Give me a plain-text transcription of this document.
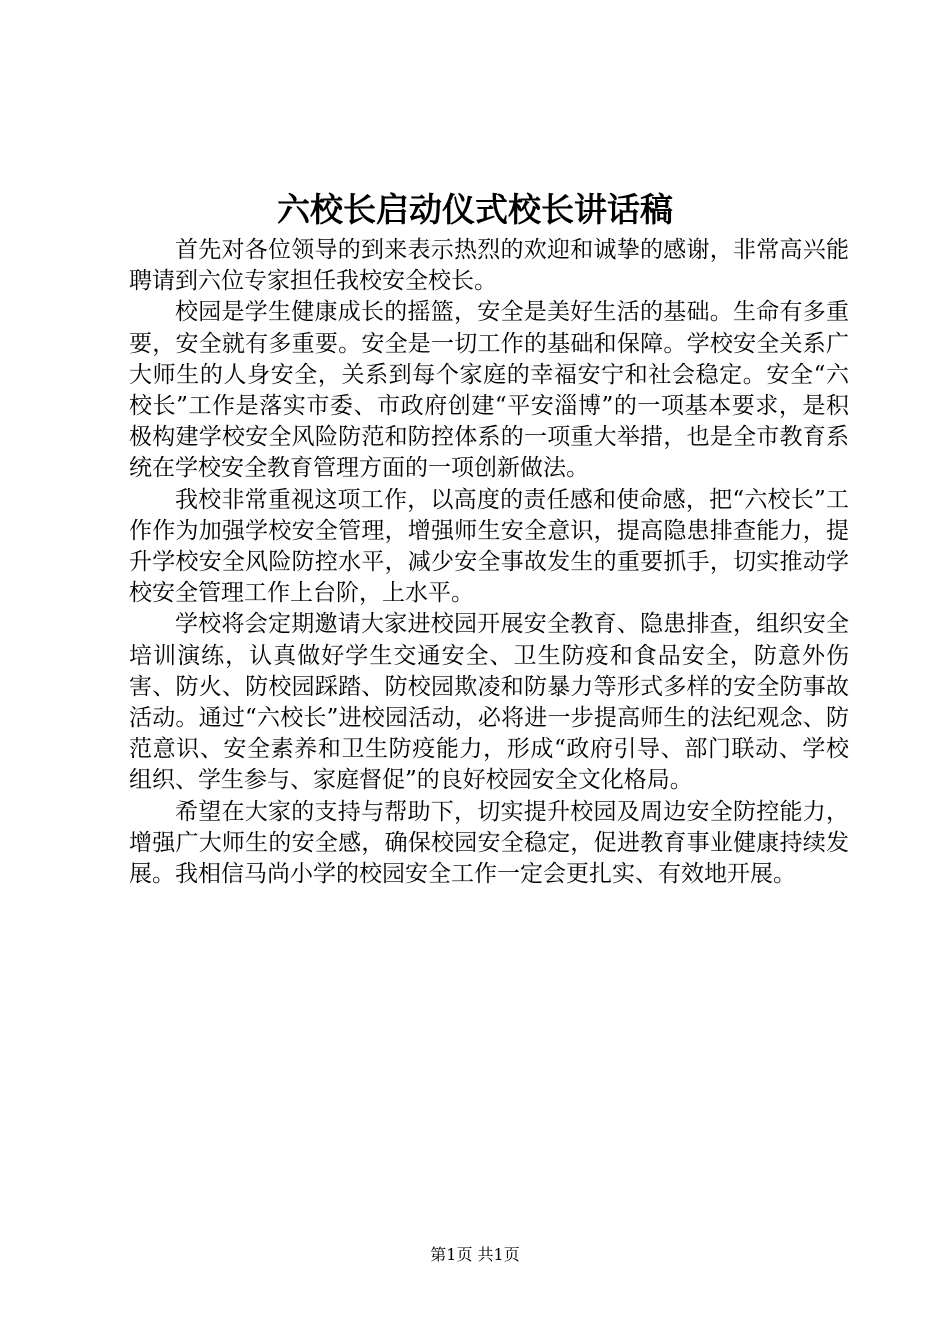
六校长启动仪式校长讲话稿

首先对各位领导的到来表示热烈的欢迎和诚挚的感谢，非常高兴能聘请到六位专家担任我校安全校长。

校园是学生健康成长的摇篮，安全是美好生活的基础。生命有多重要，安全就有多重要。安全是一切工作的基础和保障。学校安全关系广大师生的人身安全，关系到每个家庭的幸福安宁和社会稳定。安全“六校长”工作是落实市委、市政府创建“平安淄博”的一项基本要求，是积极构建学校安全风险防范和防控体系的一项重大举措，也是全市教育系统在学校安全教育管理方面的一项创新做法。

我校非常重视这项工作，以高度的责任感和使命感，把“六校长”工作作为加强学校安全管理，增强师生安全意识，提高隐患排查能力，提升学校安全风险防控水平，减少安全事故发生的重要抓手，切实推动学校安全管理工作上台阶，上水平。

学校将会定期邀请大家进校园开展安全教育、隐患排查，组织安全培训演练，认真做好学生交通安全、卫生防疫和食品安全，防意外伤害、防火、防校园踩踏、防校园欺凌和防暴力等形式多样的安全防事故活动。通过“六校长”进校园活动，必将进一步提高师生的法纪观念、防范意识、安全素养和卫生防疫能力，形成“政府引导、部门联动、学校组织、学生参与、家庭督促”的良好校园安全文化格局。

希望在大家的支持与帮助下，切实提升校园及周边安全防控能力，增强广大师生的安全感，确保校园安全稳定，促进教育事业健康持续发展。我相信马尚小学的校园安全工作一定会更扎实、有效地开展。

第1页 共1页
